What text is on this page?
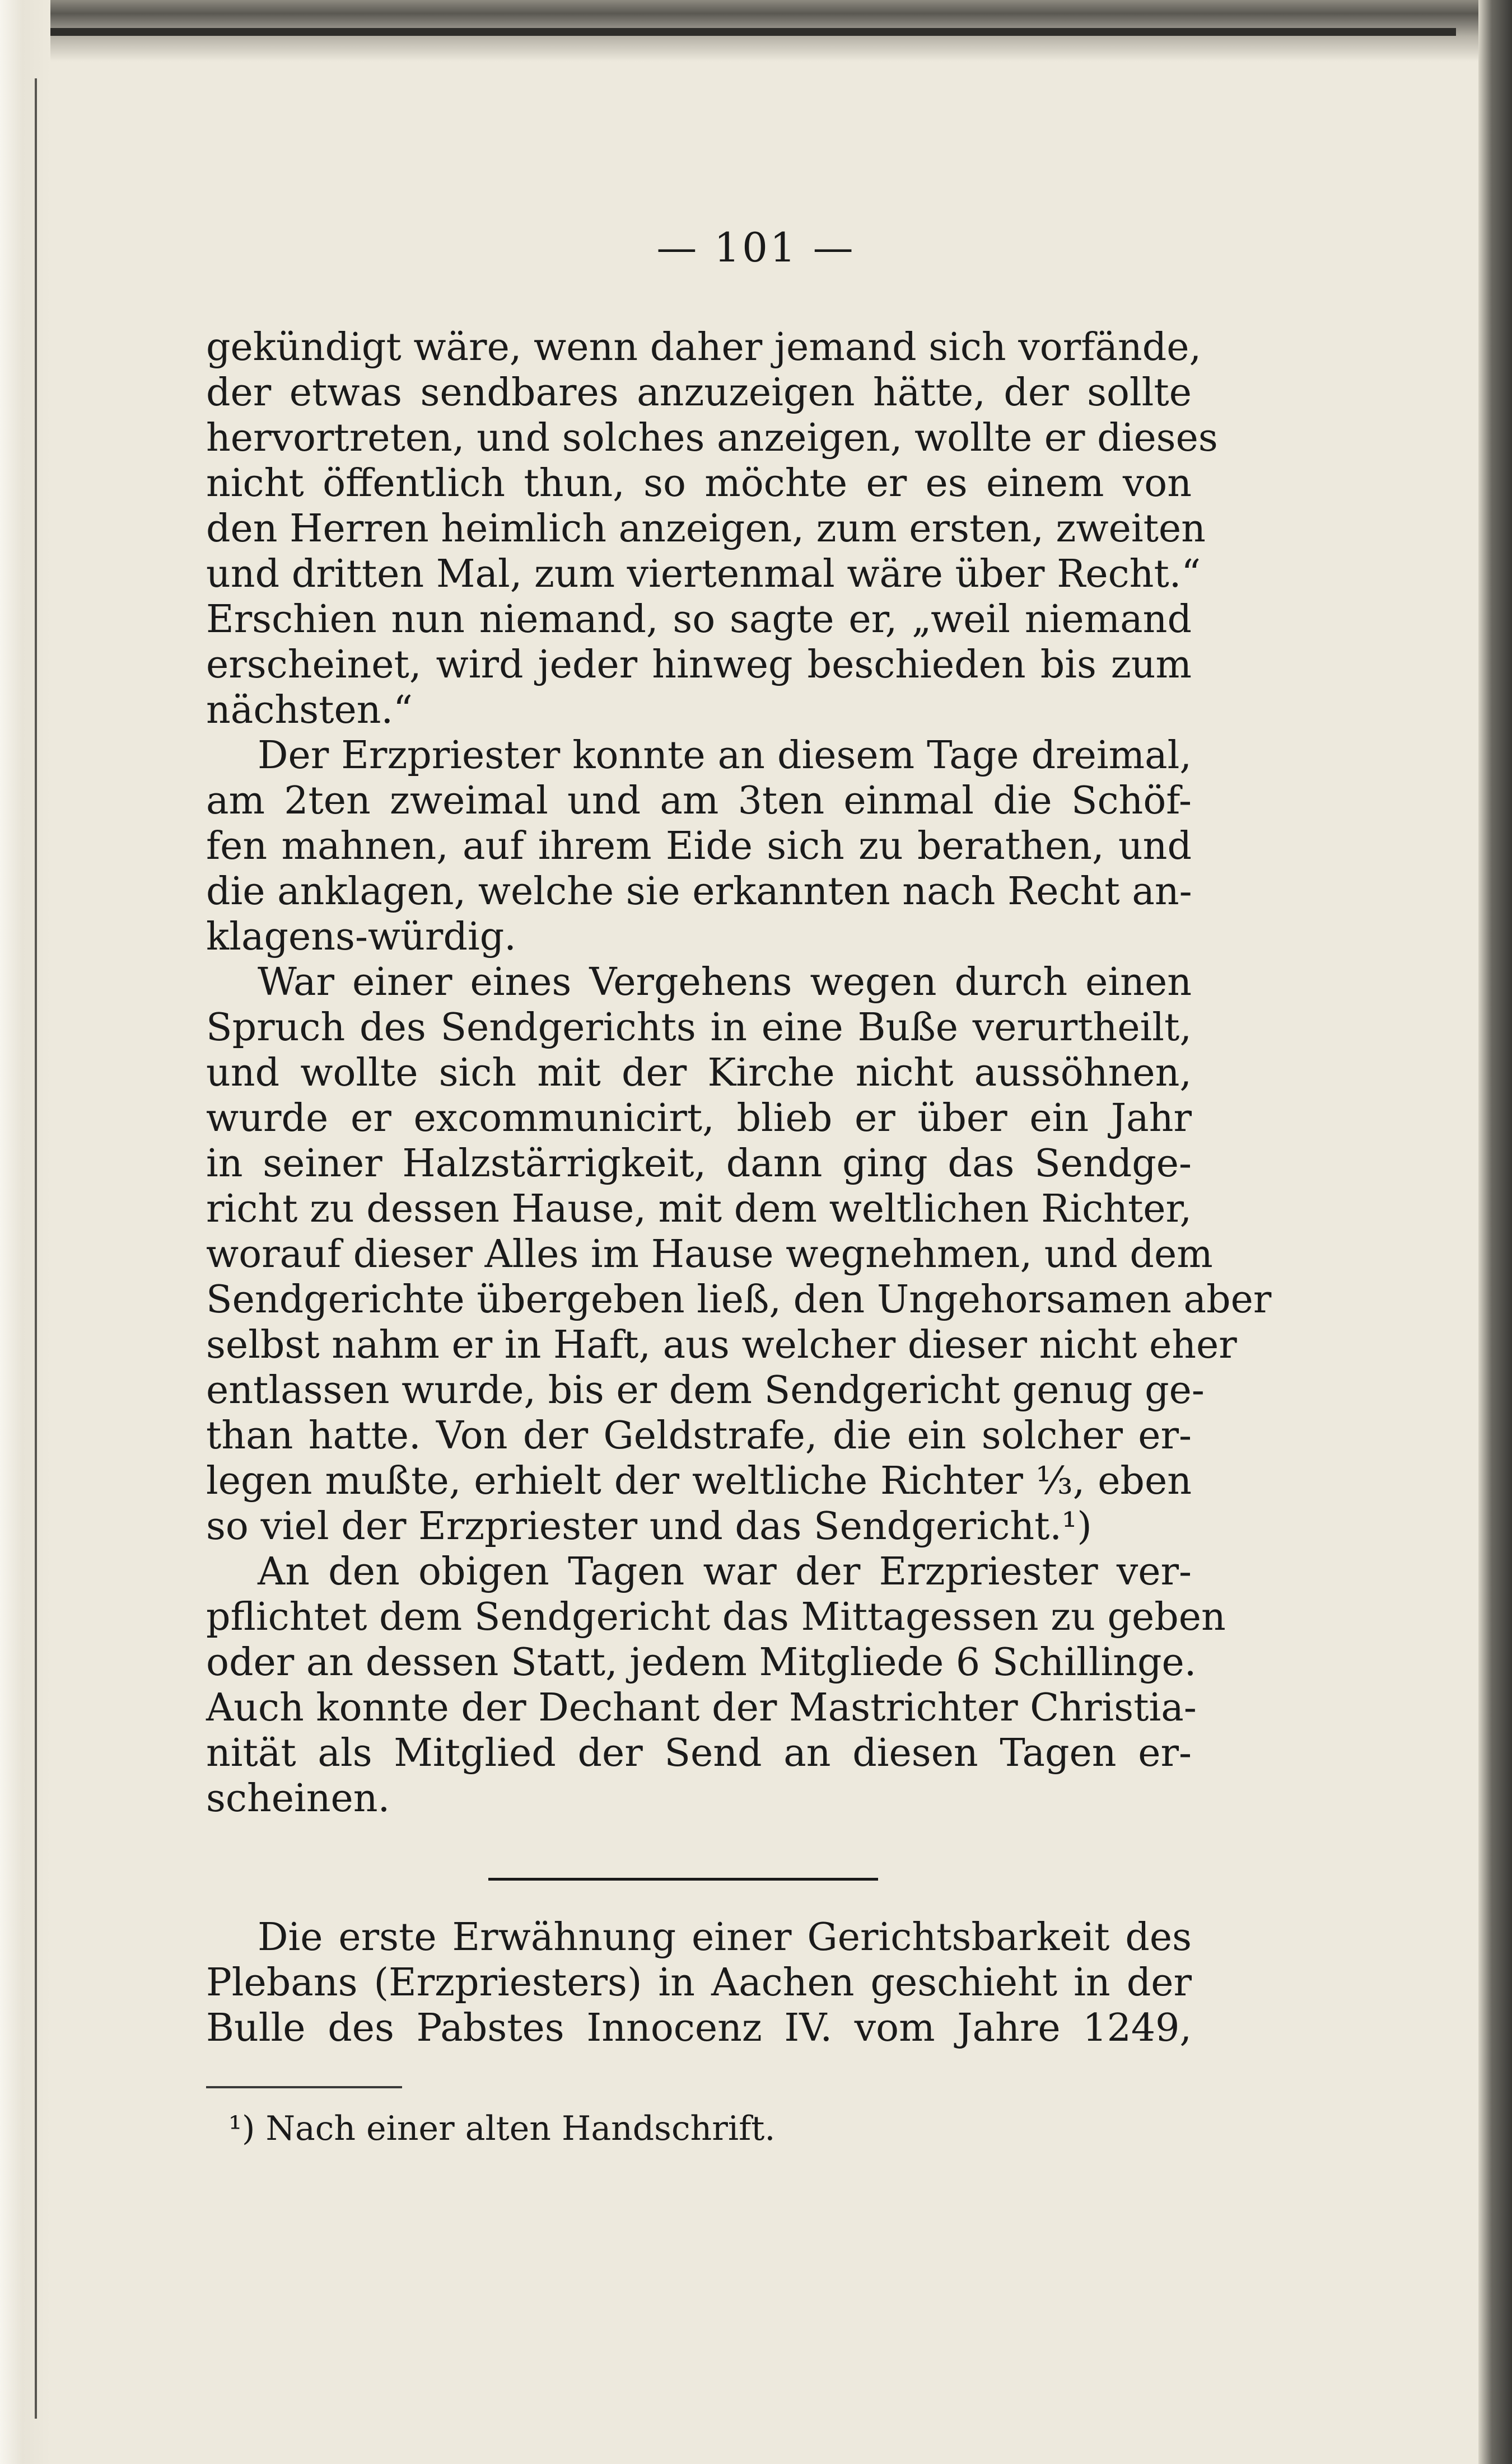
— 101 —
gekündigt wäre, wenn daher jemand sich vorfände,
der etwas sendbares anzuzeigen hätte, der sollte
hervortreten, und solches anzeigen, wollte er dieses
nicht öffentlich thun, so möchte er es einem von
den Herren heimlich anzeigen, zum ersten, zweiten
und dritten Mal, zum viertenmal wäre über Recht.“
Erschien nun niemand, so sagte er, „weil niemand
erscheinet, wird jeder hinweg beschieden bis zum
nächsten.“
Der Erzpriester konnte an diesem Tage dreimal,
am 2ten zweimal und am 3ten einmal die Schöf-
fen mahnen, auf ihrem Eide sich zu berathen, und
die anklagen, welche sie erkannten nach Recht an-
klagens-würdig.
War einer eines Vergehens wegen durch einen
Spruch des Sendgerichts in eine Buße verurtheilt,
und wollte sich mit der Kirche nicht aussöhnen,
wurde er excommunicirt, blieb er über ein Jahr
in seiner Halzstärrigkeit, dann ging das Sendge-
richt zu dessen Hause, mit dem weltlichen Richter,
worauf dieser Alles im Hause wegnehmen, und dem
Sendgerichte übergeben ließ, den Ungehorsamen aber
selbst nahm er in Haft, aus welcher dieser nicht eher
entlassen wurde, bis er dem Sendgericht genug ge-
than hatte. Von der Geldstrafe, die ein solcher er-
legen mußte, erhielt der weltliche Richter ⅓, eben
so viel der Erzpriester und das Sendgericht.¹)
An den obigen Tagen war der Erzpriester ver-
pflichtet dem Sendgericht das Mittagessen zu geben
oder an dessen Statt, jedem Mitgliede 6 Schillinge.
Auch konnte der Dechant der Mastrichter Christia-
nität als Mitglied der Send an diesen Tagen er-
scheinen.
Die erste Erwähnung einer Gerichtsbarkeit des
Plebans (Erzpriesters) in Aachen geschieht in der
Bulle des Pabstes Innocenz IV. vom Jahre 1249,
¹) Nach einer alten Handschrift.
